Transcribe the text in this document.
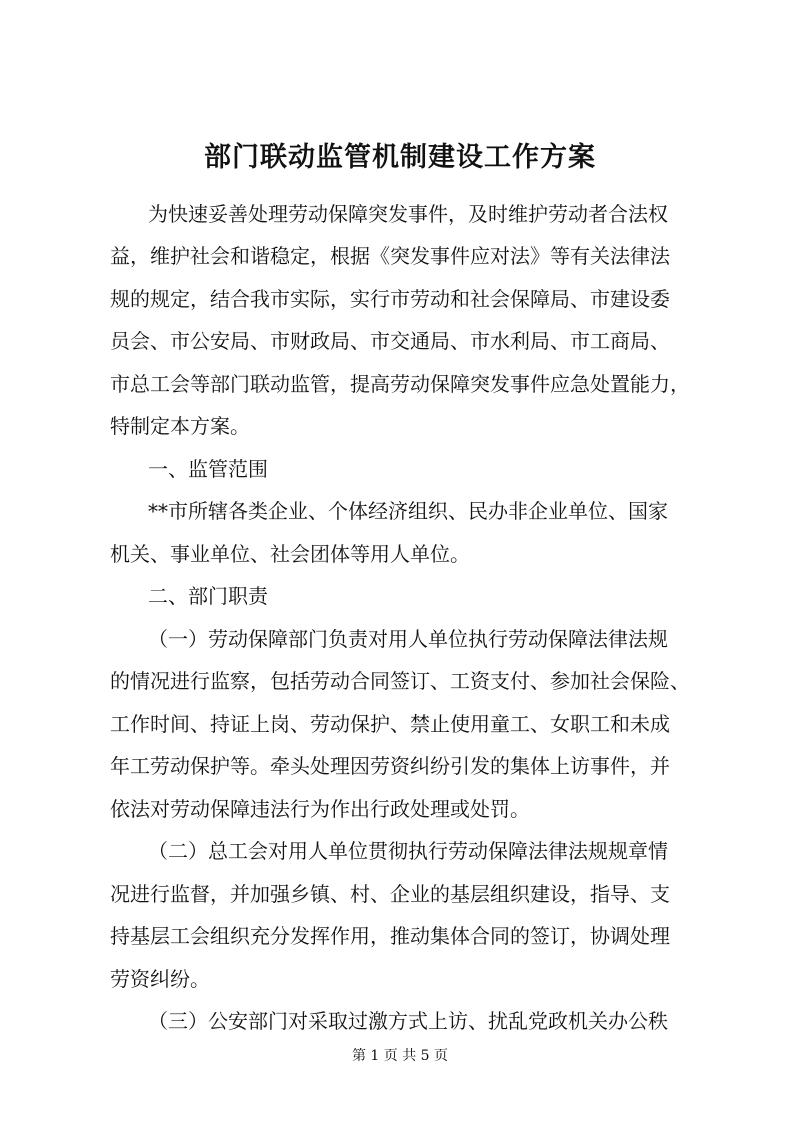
部门联动监管机制建设工作方案
为快速妥善处理劳动保障突发事件，及时维护劳动者合法权
益，维护社会和谐稳定，根据《突发事件应对法》等有关法律法
规的规定，结合我市实际，实行市劳动和社会保障局、市建设委
员会、市公安局、市财政局、市交通局、市水利局、市工商局、
市总工会等部门联动监管，提高劳动保障突发事件应急处置能力，
特制定本方案。
一、监管范围
**市所辖各类企业、个体经济组织、民办非企业单位、国家
机关、事业单位、社会团体等用人单位。
二、部门职责
（一）劳动保障部门负责对用人单位执行劳动保障法律法规
的情况进行监察，包括劳动合同签订、工资支付、参加社会保险、
工作时间、持证上岗、劳动保护、禁止使用童工、女职工和未成
年工劳动保护等。牵头处理因劳资纠纷引发的集体上访事件，并
依法对劳动保障违法行为作出行政处理或处罚。
（二）总工会对用人单位贯彻执行劳动保障法律法规规章情
况进行监督，并加强乡镇、村、企业的基层组织建设，指导、支
持基层工会组织充分发挥作用，推动集体合同的签订，协调处理
劳资纠纷。
（三）公安部门对采取过激方式上访、扰乱党政机关办公秩
第 1 页 共 5 页
